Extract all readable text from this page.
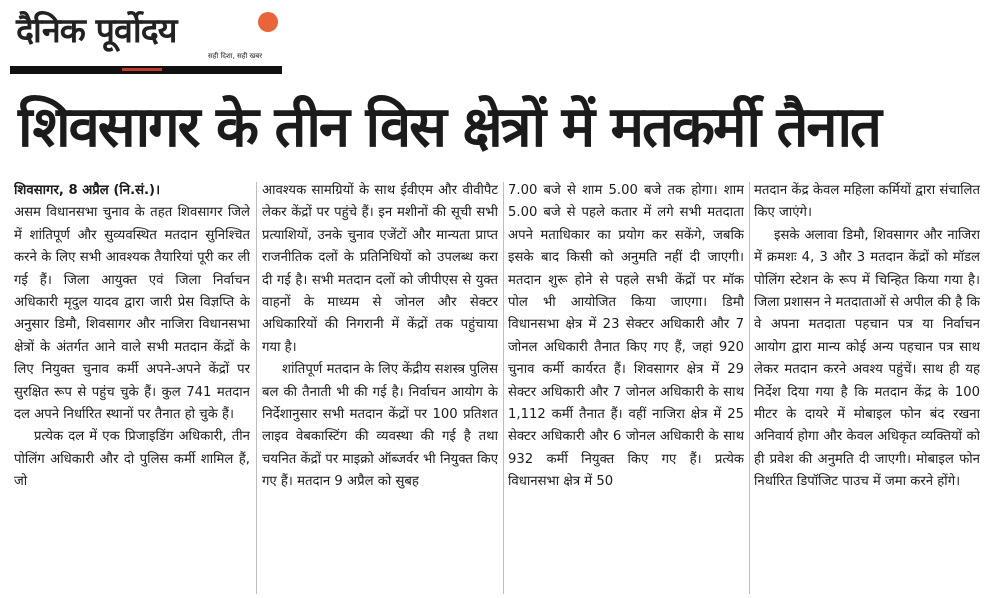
दैनिक पूर्वोदय
सही दिशा, सही खबर
शिवसागर के तीन विस क्षेत्रों में मतकर्मी तैनात

शिवसागर, 8 अप्रैल (नि.सं.)।

असम विधानसभा चुनाव के तहत शिवसागर जिले में शांतिपूर्ण और सुव्यवस्थित मतदान सुनिश्चित करने के लिए सभी आवश्यक तैयारियां पूरी कर ली गई हैं। जिला आयुक्त एवं जिला निर्वाचन अधिकारी मृदुल यादव द्वारा जारी प्रेस विज्ञप्ति के अनुसार डिमौ, शिवसागर और नाजिरा विधानसभा क्षेत्रों के अंतर्गत आने वाले सभी मतदान केंद्रों के लिए नियुक्त चुनाव कर्मी अपने-अपने केंद्रों पर सुरक्षित रूप से पहुंच चुके हैं। कुल 741 मतदान दल अपने निर्धारित स्थानों पर तैनात हो चुके हैं।

प्रत्येक दल में एक प्रिजाइडिंग अधिकारी, तीन पोलिंग अधिकारी और दो पुलिस कर्मी शामिल हैं, जो

आवश्यक सामग्रियों के साथ ईवीएम और वीवीपैट लेकर केंद्रों पर पहुंचे हैं। इन मशीनों की सूची सभी प्रत्याशियों, उनके चुनाव एजेंटों और मान्यता प्राप्त राजनीतिक दलों के प्रतिनिधियों को उपलब्ध करा दी गई है। सभी मतदान दलों को जीपीएस से युक्त वाहनों के माध्यम से जोनल और सेक्टर अधिकारियों की निगरानी में केंद्रों तक पहुंचाया गया है।

शांतिपूर्ण मतदान के लिए केंद्रीय सशस्त्र पुलिस बल की तैनाती भी की गई है। निर्वाचन आयोग के निर्देशानुसार सभी मतदान केंद्रों पर 100 प्रतिशत लाइव वेबकास्टिंग की व्यवस्था की गई है तथा चयनित केंद्रों पर माइक्रो ऑब्जर्वर भी नियुक्त किए गए हैं। मतदान 9 अप्रैल को सुबह

7.00 बजे से शाम 5.00 बजे तक होगा। शाम 5.00 बजे से पहले कतार में लगे सभी मतदाता अपने मताधिकार का प्रयोग कर सकेंगे, जबकि इसके बाद किसी को अनुमति नहीं दी जाएगी। मतदान शुरू होने से पहले सभी केंद्रों पर मॉक पोल भी आयोजित किया जाएगा। डिमौ विधानसभा क्षेत्र में 23 सेक्टर अधिकारी और 7 जोनल अधिकारी तैनात किए गए हैं, जहां 920 चुनाव कर्मी कार्यरत हैं। शिवसागर क्षेत्र में 29 सेक्टर अधिकारी और 7 जोनल अधिकारी के साथ 1,112 कर्मी तैनात हैं। वहीं नाजिरा क्षेत्र में 25 सेक्टर अधिकारी और 6 जोनल अधिकारी के साथ 932 कर्मी नियुक्त किए गए हैं। प्रत्येक विधानसभा क्षेत्र में 50

मतदान केंद्र केवल महिला कर्मियों द्वारा संचालित किए जाएंगे।

इसके अलावा डिमौ, शिवसागर और नाजिरा में क्रमशः 4, 3 और 3 मतदान केंद्रों को मॉडल पोलिंग स्टेशन के रूप में चिन्हित किया गया है। जिला प्रशासन ने मतदाताओं से अपील की है कि वे अपना मतदाता पहचान पत्र या निर्वाचन आयोग द्वारा मान्य कोई अन्य पहचान पत्र साथ लेकर मतदान करने अवश्य पहुंचें। साथ ही यह निर्देश दिया गया है कि मतदान केंद्र के 100 मीटर के दायरे में मोबाइल फोन बंद रखना अनिवार्य होगा और केवल अधिकृत व्यक्तियों को ही प्रवेश की अनुमति दी जाएगी। मोबाइल फोन निर्धारित डिपॉजिट पाउच में जमा करने होंगे।
